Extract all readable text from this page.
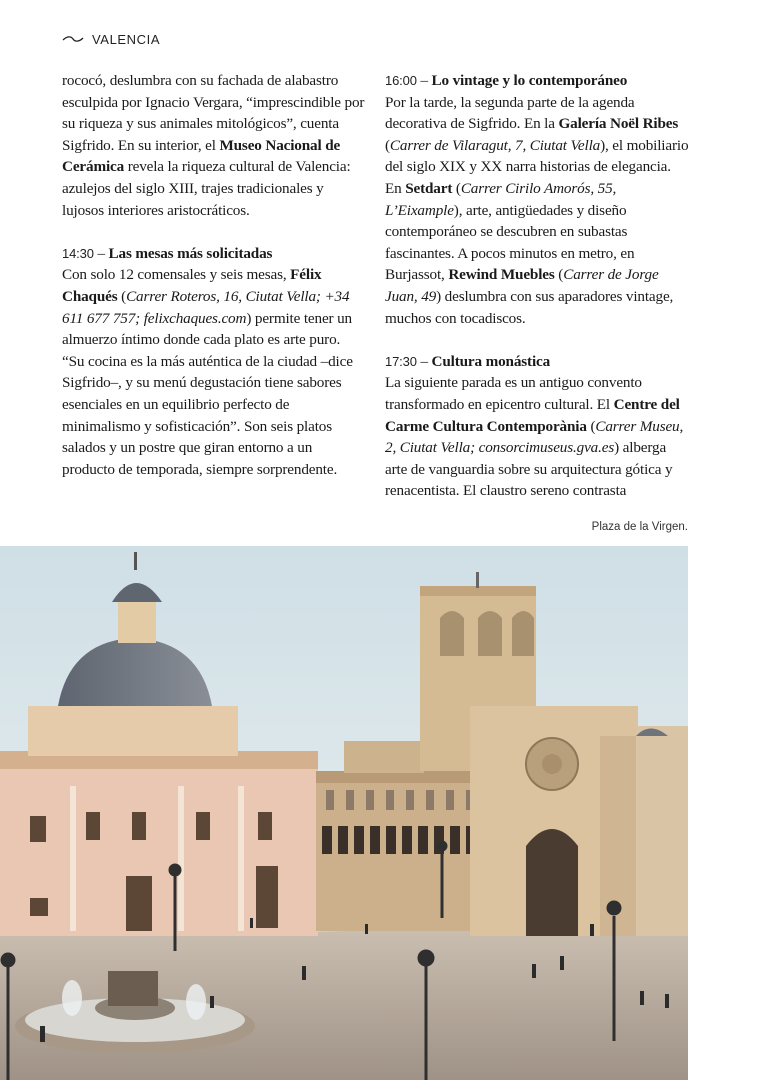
VALENCIA

rococó, deslumbra con su fachada de alabastro esculpida por Ignacio Vergara, “imprescindible por su riqueza y sus animales mitológicos”, cuenta Sigfrido. En su interior, el Museo Nacional de Cerámica revela la riqueza cultural de Valencia: azulejos del siglo XIII, trajes tradicionales y lujosos interiores aristocráticos.

14:30 – Las mesas más solicitadas
Con solo 12 comensales y seis mesas, Félix Chaqués (Carrer Roteros, 16, Ciutat Vella; +34 611 677 757; felixchaques.com) permite tener un almuerzo íntimo donde cada plato es arte puro. “Su cocina es la más auténtica de la ciudad –dice Sigfrido–, y su menú degustación tiene sabores esenciales en un equilibrio perfecto de minimalismo y sofisticación”. Son seis platos salados y un postre que giran entorno a un producto de temporada, siempre sorprendente.

16:00 – Lo vintage y lo contemporáneo
Por la tarde, la segunda parte de la agenda decorativa de Sigfrido. En la Galería Noël Ribes (Carrer de Vilaragut, 7, Ciutat Vella), el mobiliario del siglo XIX y XX narra historias de elegancia. En Setdart (Carrer Cirilo Amorós, 55, L’Eixample), arte, antigüedades y diseño contemporáneo se descubren en subastas fascinantes. A pocos minutos en metro, en Burjassot, Rewind Muebles (Carrer de Jorge Juan, 49) deslumbra con sus aparadores vintage, muchos con tocadiscos.

17:30 – Cultura monástica
La siguiente parada es un antiguo convento transformado en epicentro cultural. El Centre del Carme Cultura Contemporània (Carrer Museu, 2, Ciutat Vella; consorcimuseus.gva.es) alberga arte de vanguardia sobre su arquitectura gótica y renacentista. El claustro sereno contrasta

Plaza de la Virgen.
